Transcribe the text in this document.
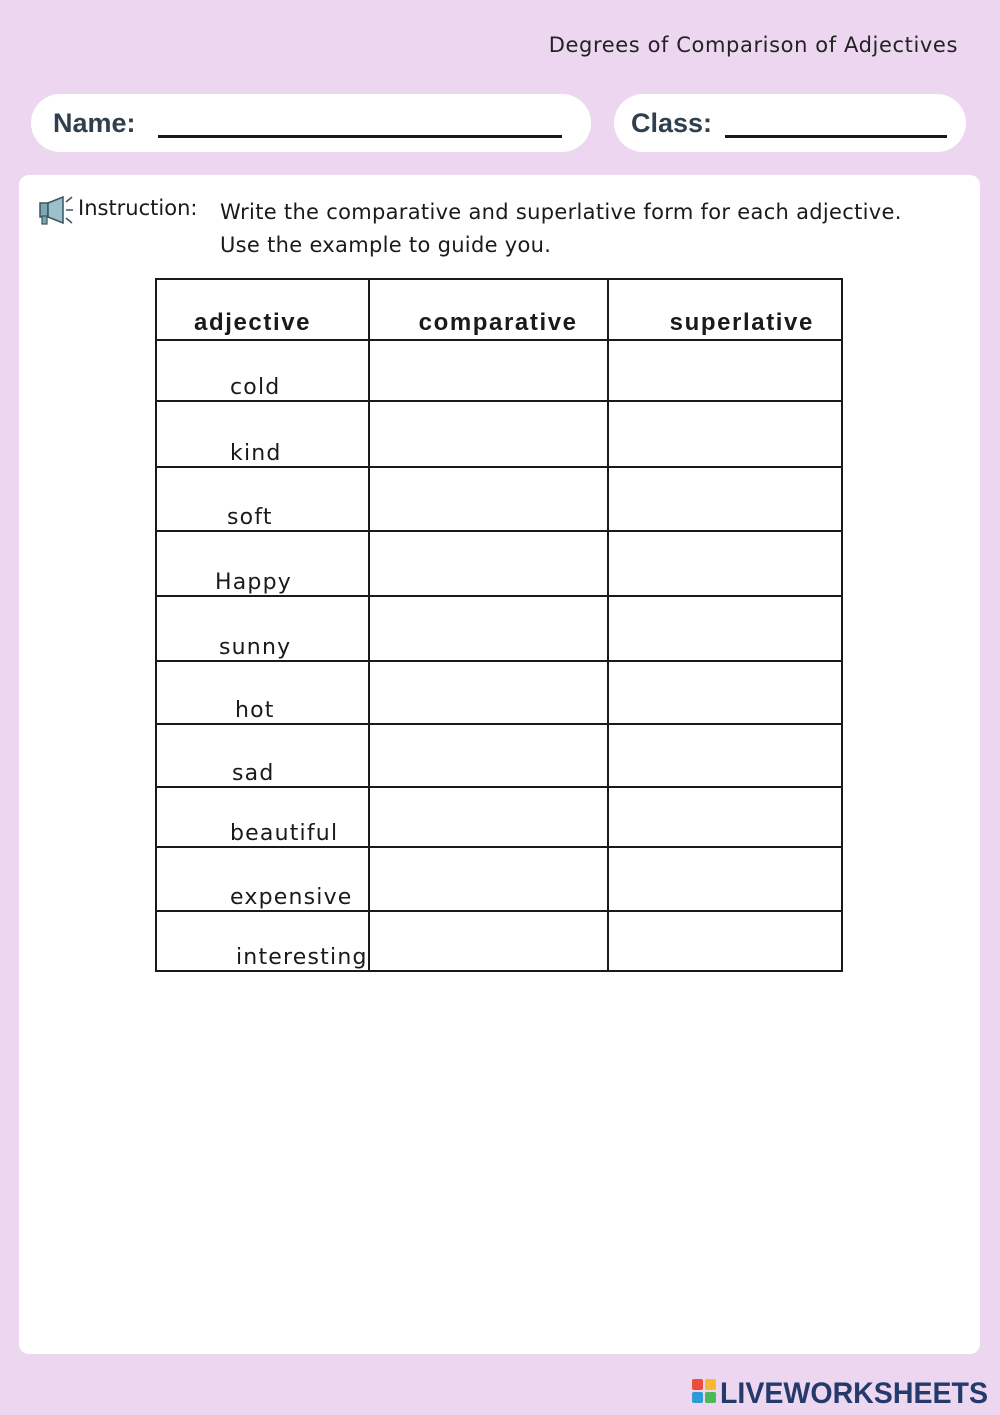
Degrees of Comparison of Adjectives
Name:	Class:
Instruction: Write the comparative and superlative form for each adjective.
Use the example to guide you.
adjective	comparative	superlative
cold		
kind		
soft		
Happy		
sunny		
hot		
sad		
beautiful		
expensive		
interesting		
LIVEWORKSHEETS
